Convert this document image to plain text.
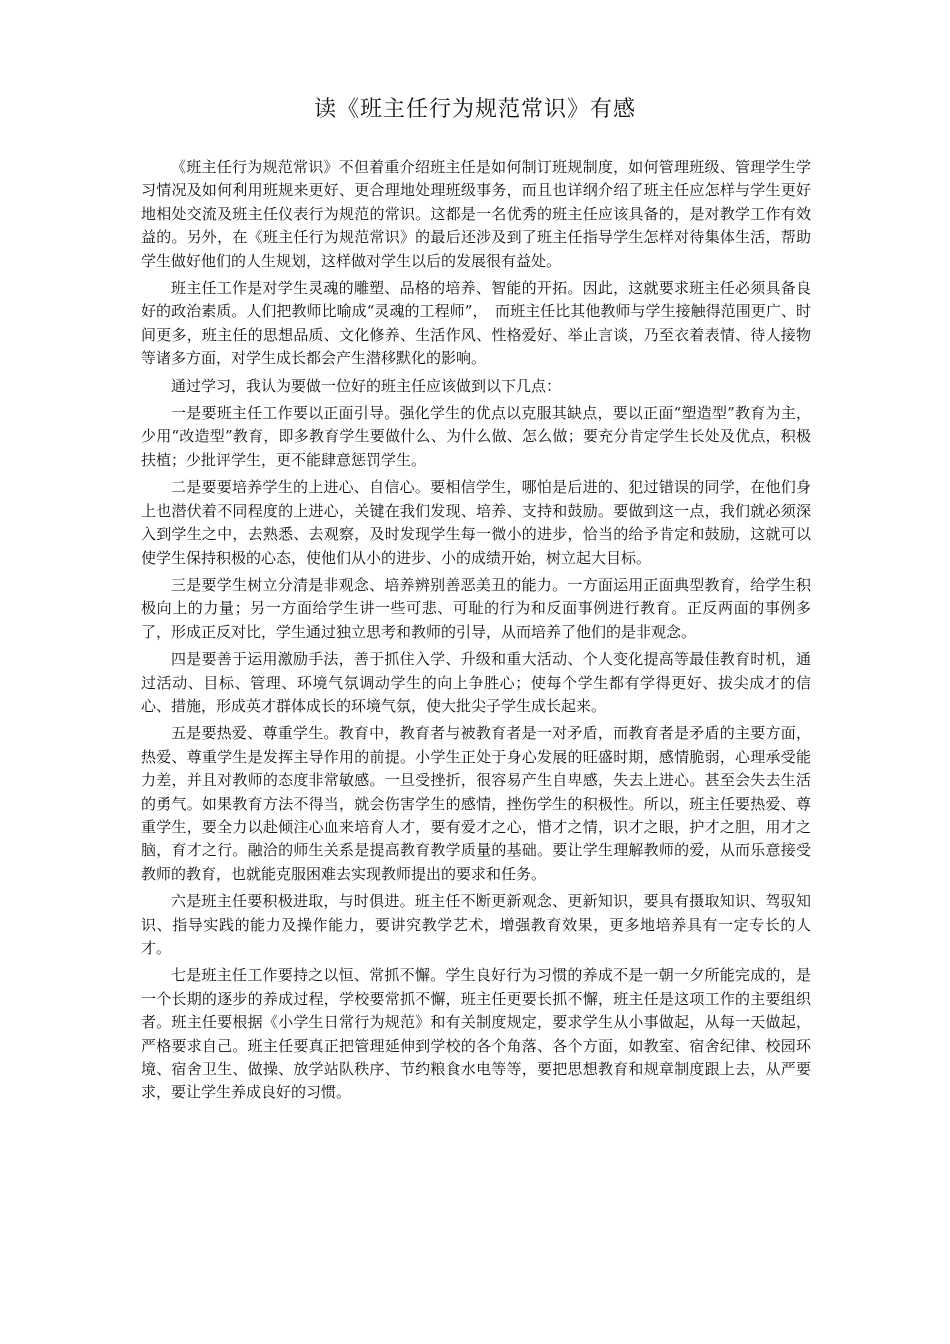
读《班主任行为规范常识》有感

《班主任行为规范常识》不但着重介绍班主任是如何制订班规制度，如何管理班级、管理学生学习情况及如何利用班规来更好、更合理地处理班级事务，而且也详纲介绍了班主任应怎样与学生更好地相处交流及班主任仪表行为规范的常识。这都是一名优秀的班主任应该具备的，是对教学工作有效益的。另外，在《班主任行为规范常识》的最后还涉及到了班主任指导学生怎样对待集体生活，帮助学生做好他们的人生规划，这样做对学生以后的发展很有益处。

班主任工作是对学生灵魂的雕塑、品格的培养、智能的开拓。因此，这就要求班主任必须具备良好的政治素质。人们把教师比喻成“灵魂的工程师”，　而班主任比其他教师与学生接触得范围更广、时间更多，班主任的思想品质、文化修养、生活作风、性格爱好、举止言谈，乃至衣着表情、待人接物等诸多方面，对学生成长都会产生潜移默化的影响。

通过学习，我认为要做一位好的班主任应该做到以下几点：

一是要班主任工作要以正面引导。强化学生的优点以克服其缺点，要以正面“塑造型”教育为主，少用“改造型”教育，即多教育学生要做什么、为什么做、怎么做；要充分肯定学生长处及优点，积极扶植；少批评学生，更不能肆意惩罚学生。

二是要要培养学生的上进心、自信心。要相信学生，哪怕是后进的、犯过错误的同学，在他们身上也潜伏着不同程度的上进心，关键在我们发现、培养、支持和鼓励。要做到这一点，我们就必须深入到学生之中，去熟悉、去观察，及时发现学生每一微小的进步，恰当的给予肯定和鼓励，这就可以使学生保持积极的心态，使他们从小的进步、小的成绩开始，树立起大目标。

三是要学生树立分清是非观念、培养辨别善恶美丑的能力。一方面运用正面典型教育，给学生积极向上的力量；另一方面给学生讲一些可悲、可耻的行为和反面事例进行教育。正反两面的事例多了，形成正反对比，学生通过独立思考和教师的引导，从而培养了他们的是非观念。

四是要善于运用激励手法，善于抓住入学、升级和重大活动、个人变化提高等最佳教育时机，通过活动、目标、管理、环境气氛调动学生的向上争胜心；使每个学生都有学得更好、拔尖成才的信心、措施，形成英才群体成长的环境气氛，使大批尖子学生成长起来。

五是要热爱、尊重学生。教育中，教育者与被教育者是一对矛盾，而教育者是矛盾的主要方面，热爱、尊重学生是发挥主导作用的前提。小学生正处于身心发展的旺盛时期，感情脆弱，心理承受能力差，并且对教师的态度非常敏感。一旦受挫折，很容易产生自卑感，失去上进心。甚至会失去生活的勇气。如果教育方法不得当，就会伤害学生的感情，挫伤学生的积极性。所以，班主任要热爱、尊重学生，要全力以赴倾注心血来培育人才，要有爱才之心，惜才之情，识才之眼，护才之胆，用才之脑，育才之行。融洽的师生关系是提高教育教学质量的基础。要让学生理解教师的爱，从而乐意接受教师的教育，也就能克服困难去实现教师提出的要求和任务。

六是班主任要积极进取，与时俱进。班主任不断更新观念、更新知识，要具有摄取知识、驾驭知识、指导实践的能力及操作能力，要讲究教学艺术，增强教育效果，更多地培养具有一定专长的人才。

七是班主任工作要持之以恒、常抓不懈。学生良好行为习惯的养成不是一朝一夕所能完成的，是一个长期的逐步的养成过程，学校要常抓不懈，班主任更要长抓不懈，班主任是这项工作的主要组织者。班主任要根据《小学生日常行为规范》和有关制度规定，要求学生从小事做起，从每一天做起，严格要求自己。班主任要真正把管理延伸到学校的各个角落、各个方面，如教室、宿舍纪律、校园环境、宿舍卫生、做操、放学站队秩序、节约粮食水电等等，要把思想教育和规章制度跟上去，从严要求，要让学生养成良好的习惯。
